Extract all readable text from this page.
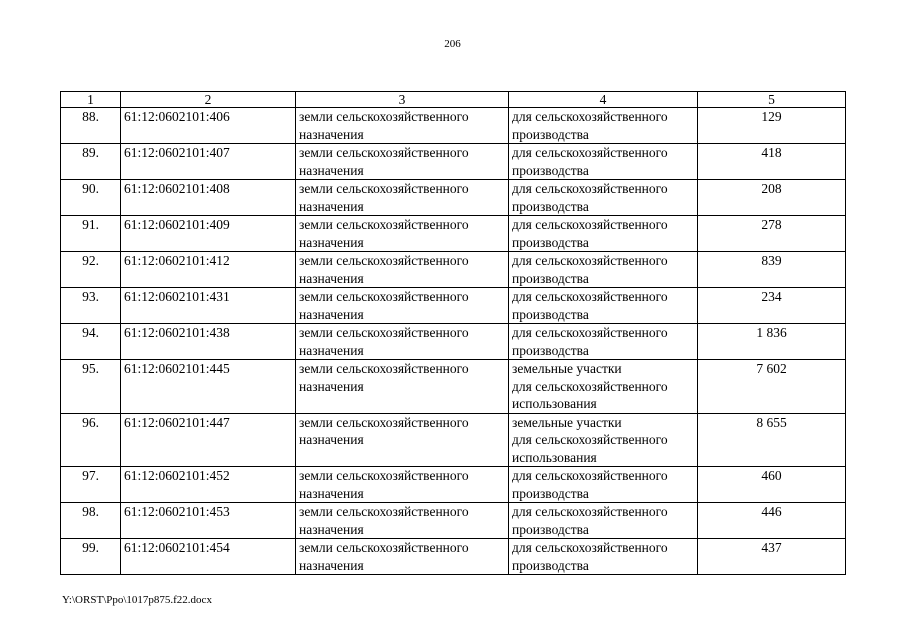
206
1	2	3	4	5
88.	61:12:0602101:406	земли сельскохозяйственного
назначения	для сельскохозяйственного
производства	129
89.	61:12:0602101:407	земли сельскохозяйственного
назначения	для сельскохозяйственного
производства	418
90.	61:12:0602101:408	земли сельскохозяйственного
назначения	для сельскохозяйственного
производства	208
91.	61:12:0602101:409	земли сельскохозяйственного
назначения	для сельскохозяйственного
производства	278
92.	61:12:0602101:412	земли сельскохозяйственного
назначения	для сельскохозяйственного
производства	839
93.	61:12:0602101:431	земли сельскохозяйственного
назначения	для сельскохозяйственного
производства	234
94.	61:12:0602101:438	земли сельскохозяйственного
назначения	для сельскохозяйственного
производства	1 836
95.	61:12:0602101:445	земли сельскохозяйственного
назначения	земельные участки
для сельскохозяйственного
использования	7 602
96.	61:12:0602101:447	земли сельскохозяйственного
назначения	земельные участки
для сельскохозяйственного
использования	8 655
97.	61:12:0602101:452	земли сельскохозяйственного
назначения	для сельскохозяйственного
производства	460
98.	61:12:0602101:453	земли сельскохозяйственного
назначения	для сельскохозяйственного
производства	446
99.	61:12:0602101:454	земли сельскохозяйственного
назначения	для сельскохозяйственного
производства	437
Y:\ORST\Ppo\1017p875.f22.docx
